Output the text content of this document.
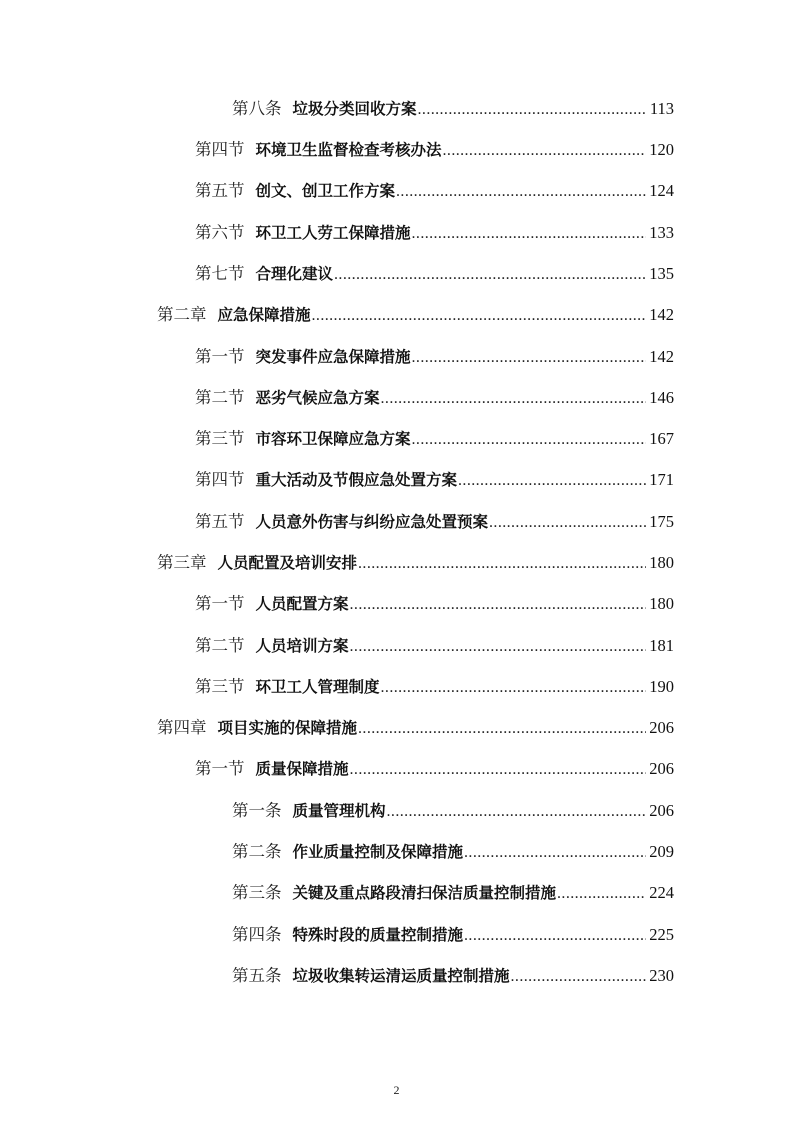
第八条 垃圾分类回收方案 .....	113
第四节 环境卫生监督检查考核办法 .....	120
第五节 创文、创卫工作方案 .....	124
第六节 环卫工人劳工保障措施 .....	133
第七节 合理化建议 .....	135
第二章 应急保障措施 .....	142
第一节 突发事件应急保障措施 .....	142
第二节 恶劣气候应急方案 .....	146
第三节 市容环卫保障应急方案 .....	167
第四节 重大活动及节假应急处置方案 .....	171
第五节 人员意外伤害与纠纷应急处置预案 .....	175
第三章 人员配置及培训安排 .....	180
第一节 人员配置方案 .....	180
第二节 人员培训方案 .....	181
第三节 环卫工人管理制度 .....	190
第四章 项目实施的保障措施 .....	206
第一节 质量保障措施 .....	206
第一条 质量管理机构 .....	206
第二条 作业质量控制及保障措施 .....	209
第三条 关键及重点路段清扫保洁质量控制措施 .....	224
第四条 特殊时段的质量控制措施 .....	225
第五条 垃圾收集转运清运质量控制措施 .....	230
2
